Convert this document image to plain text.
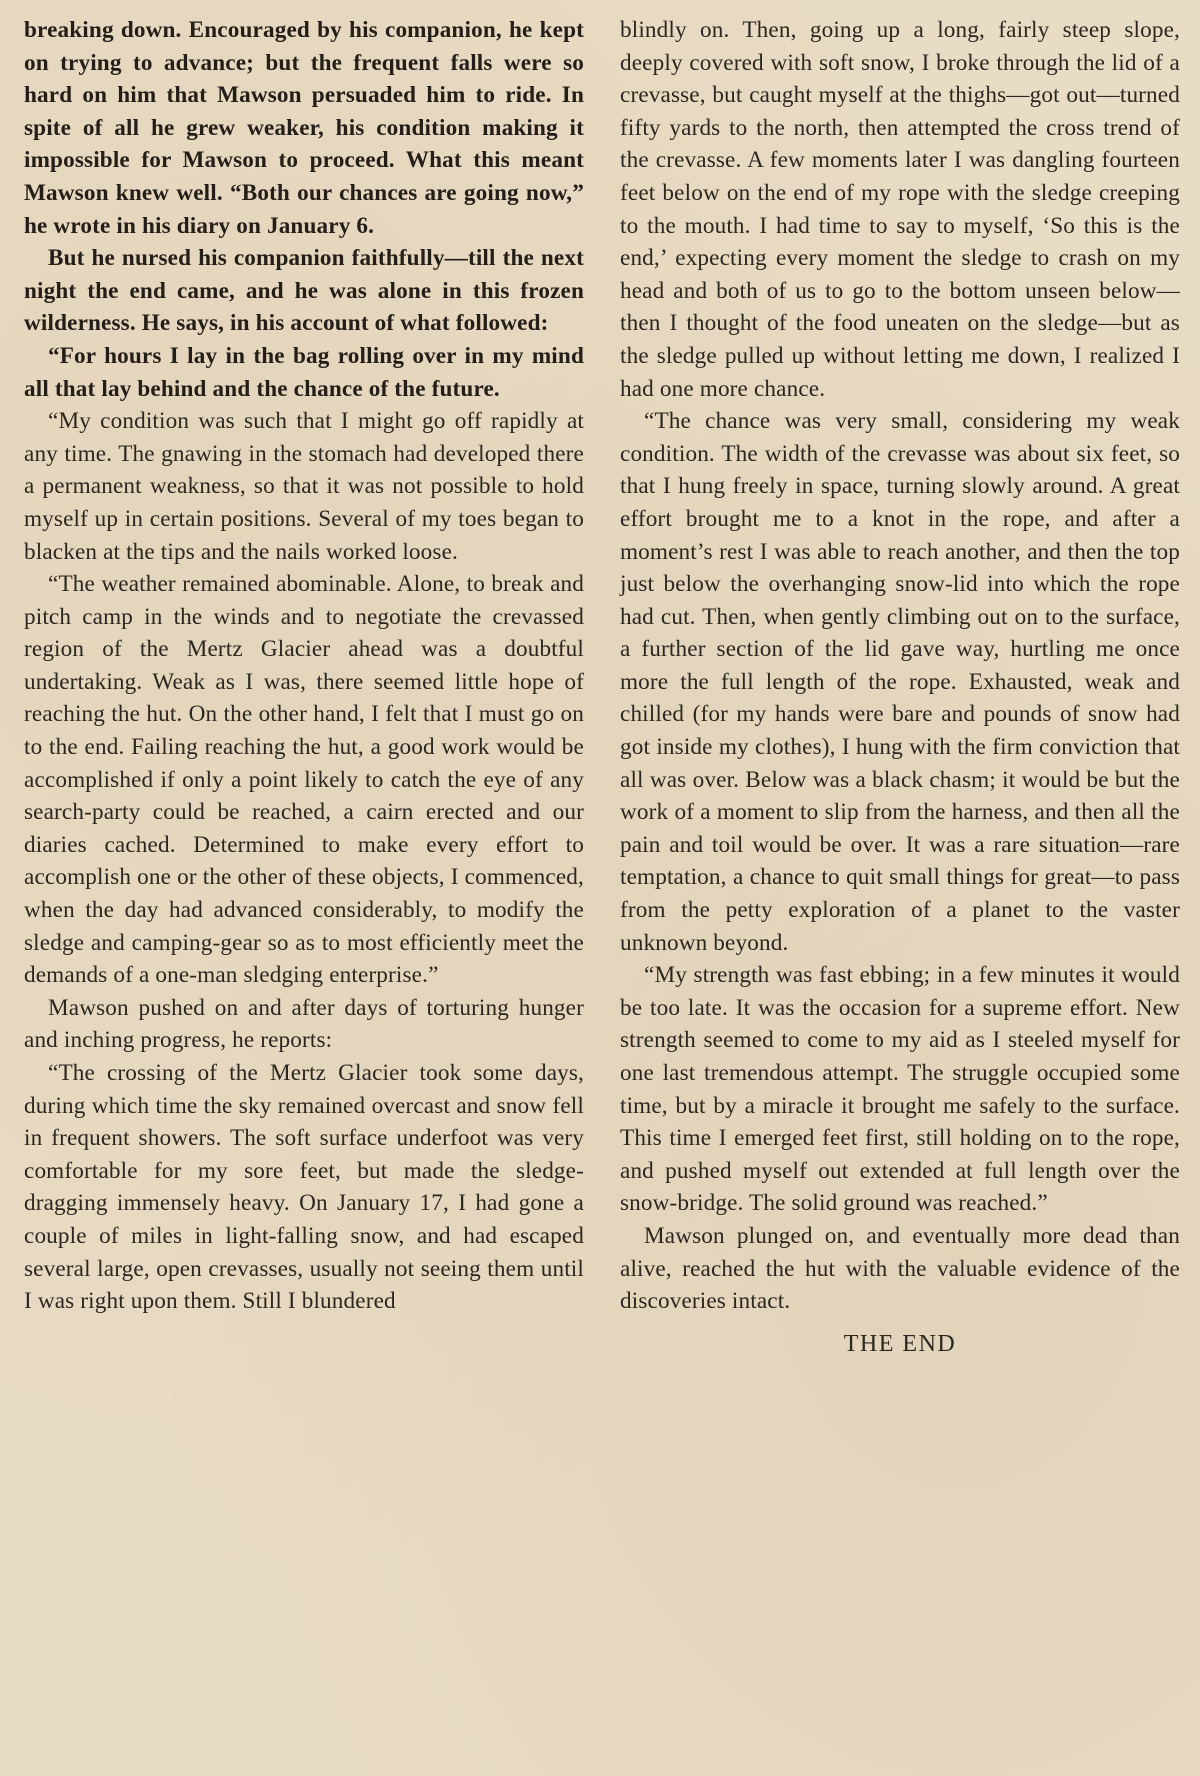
breaking down. Encouraged by his companion, he kept on trying to advance; but the frequent falls were so hard on him that Mawson persuaded him to ride. In spite of all he grew weaker, his condition making it impossible for Mawson to proceed. What this meant Mawson knew well. “Both our chances are going now,” he wrote in his diary on January 6.

But he nursed his companion faithfully—till the next night the end came, and he was alone in this frozen wilderness. He says, in his account of what followed:

“For hours I lay in the bag rolling over in my mind all that lay behind and the chance of the future.

“My condition was such that I might go off rapidly at any time. The gnawing in the stomach had developed there a permanent weakness, so that it was not possible to hold myself up in certain positions. Several of my toes began to blacken at the tips and the nails worked loose.

“The weather remained abominable. Alone, to break and pitch camp in the winds and to negotiate the crevassed region of the Mertz Glacier ahead was a doubtful undertaking. Weak as I was, there seemed little hope of reaching the hut. On the other hand, I felt that I must go on to the end. Failing reaching the hut, a good work would be accomplished if only a point likely to catch the eye of any search-party could be reached, a cairn erected and our diaries cached. Determined to make every effort to accomplish one or the other of these objects, I commenced, when the day had advanced considerably, to modify the sledge and camping-gear so as to most efficiently meet the demands of a one-man sledging enterprise.”

Mawson pushed on and after days of torturing hunger and inching progress, he reports:

“The crossing of the Mertz Glacier took some days, during which time the sky remained overcast and snow fell in frequent showers. The soft surface underfoot was very comfortable for my sore feet, but made the sledge-dragging immensely heavy. On January 17, I had gone a couple of miles in light-falling snow, and had escaped several large, open crevasses, usually not seeing them until I was right upon them. Still I blundered

blindly on. Then, going up a long, fairly steep slope, deeply covered with soft snow, I broke through the lid of a crevasse, but caught myself at the thighs—got out—turned fifty yards to the north, then attempted the cross trend of the crevasse. A few moments later I was dangling fourteen feet below on the end of my rope with the sledge creeping to the mouth. I had time to say to myself, ‘So this is the end,’ expecting every moment the sledge to crash on my head and both of us to go to the bottom unseen below—then I thought of the food uneaten on the sledge—but as the sledge pulled up without letting me down, I realized I had one more chance.

“The chance was very small, considering my weak condition. The width of the crevasse was about six feet, so that I hung freely in space, turning slowly around. A great effort brought me to a knot in the rope, and after a moment’s rest I was able to reach another, and then the top just below the overhanging snow-lid into which the rope had cut. Then, when gently climbing out on to the surface, a further section of the lid gave way, hurtling me once more the full length of the rope. Exhausted, weak and chilled (for my hands were bare and pounds of snow had got inside my clothes), I hung with the firm conviction that all was over. Below was a black chasm; it would be but the work of a moment to slip from the harness, and then all the pain and toil would be over. It was a rare situation—rare temptation, a chance to quit small things for great—to pass from the petty exploration of a planet to the vaster unknown beyond.

“My strength was fast ebbing; in a few minutes it would be too late. It was the occasion for a supreme effort. New strength seemed to come to my aid as I steeled myself for one last tremendous attempt. The struggle occupied some time, but by a miracle it brought me safely to the surface. This time I emerged feet first, still holding on to the rope, and pushed myself out extended at full length over the snow-bridge. The solid ground was reached.”

Mawson plunged on, and eventually more dead than alive, reached the hut with the valuable evidence of the discoveries intact.

THE END
